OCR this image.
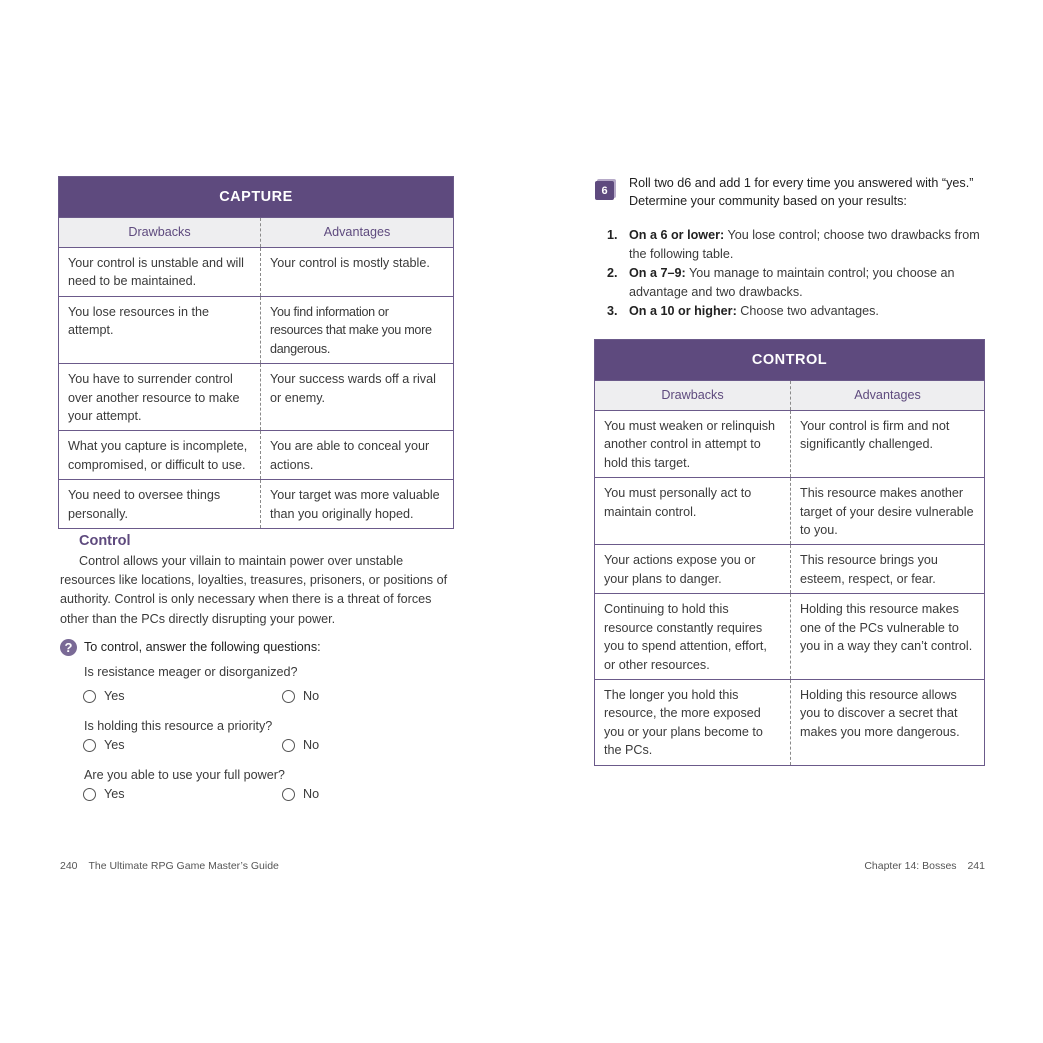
CAPTURE	
Drawbacks	Advantages
Your control is unstable and will need to be maintained.	Your control is mostly stable.
You lose resources in the attempt.	You find information or resources that make you more dangerous.
You have to surrender control over another resource to make your attempt.	Your success wards off a rival or enemy.
What you capture is incomplete, compromised, or difficult to use.	You are able to conceal your actions.
You need to oversee things personally.	Your target was more valuable than you originally hoped.
Control
Control allows your villain to maintain power over unstable resources like locations, loyalties, treasures, prisoners, or positions of authority. Control is only necessary when there is a threat of forces other than the PCs directly disrupting your power.
? To control, answer the following questions:
Is resistance meager or disorganized?
Yes	No
Is holding this resource a priority?
Yes	No
Are you able to use your full power?
Yes	No
6
Roll two d6 and add 1 for every time you answered with “yes.”
Determine your community based on your results:
1. On a 6 or lower: You lose control; choose two drawbacks from
the following table.
2. On a 7–9: You manage to maintain control; you choose an
advantage and two drawbacks.
3. On a 10 or higher: Choose two advantages.
CONTROL	
Drawbacks	Advantages
You must weaken or relinquish another control in attempt to hold this target.	Your control is firm and not significantly challenged.
You must personally act to maintain control.	This resource makes another target of your desire vulnerable to you.
Your actions expose you or your plans to danger.	This resource brings you esteem, respect, or fear.
Continuing to hold this resource constantly requires you to spend attention, effort, or other resources.	Holding this resource makes one of the PCs vulnerable to you in a way they can’t control.
The longer you hold this resource, the more exposed you or your plans become to the PCs.	Holding this resource allows you to discover a secret that makes you more dangerous.
240 The Ultimate RPG Game Master’s Guide	Chapter 14: Bosses 241
